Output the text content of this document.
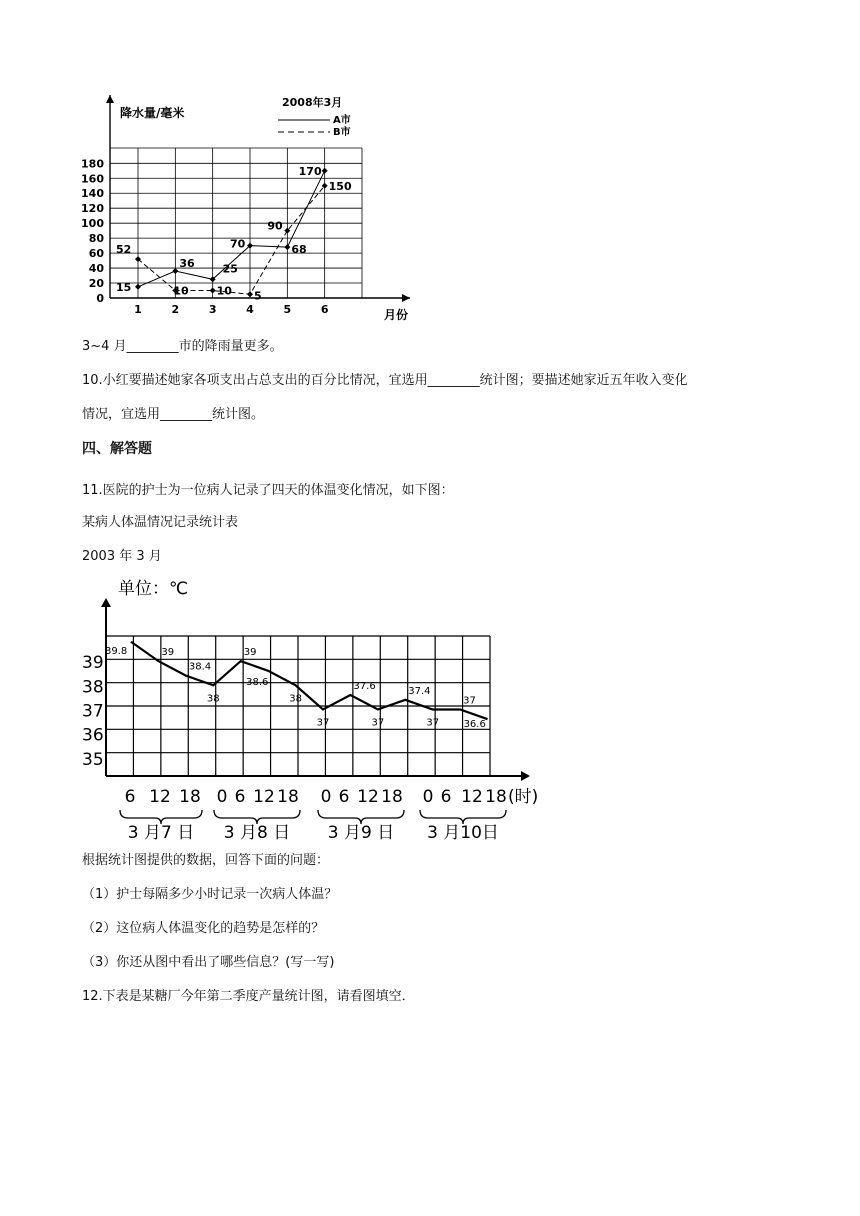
降水量/毫米
2008年3月
A市
B市
0
20
40
60
80
100
120
140
160
180
1	2	3	4	5	6
15
36	25
70	68
170
52
10	10 5
90
150
月份
3~4 月________市的降雨量更多。
10.小红要描述她家各项支出占总支出的百分比情况，宜选用________统计图；要描述她家近五年收入变化
情况，宜选用________统计图。
四、解答题
11.医院的护士为一位病人记录了四天的体温变化情况，如下图：
某病人体温情况记录统计表
2003 年 3 月
单位：℃
35
36
37
38
39
6 12 18 0 6 12 18 0 6 12 18 0 6 12 18
3 月7 日 3 月8 日 3 月9 日 3 月10日
39.8	39
38.4
38
39
38.6
38
37
37.6
37
37.4
37
37
36.6
(时)
根据统计图提供的数据，回答下面的问题：
（1）护士每隔多少小时记录一次病人体温？
（2）这位病人体温变化的趋势是怎样的？
（3）你还从图中看出了哪些信息？(写一写)
12.下表是某糖厂今年第二季度产量统计图，请看图填空．
